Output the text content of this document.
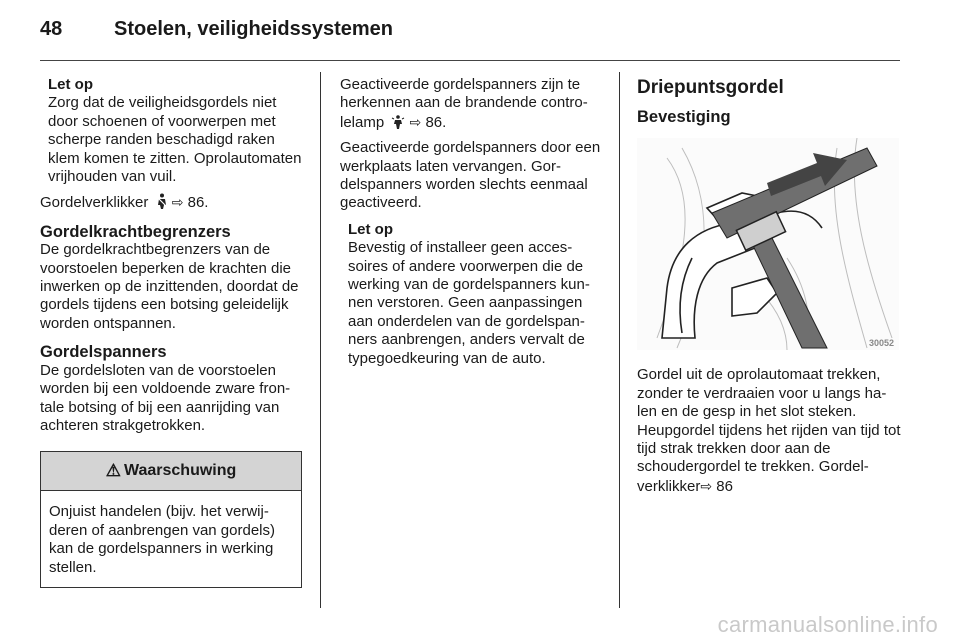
48	Stoelen, veiligheidssystemen

Let op

Zorg dat de veiligheidsgordels niet door schoenen of voorwerpen met scherpe randen beschadigd raken klem komen te zitten. Oprolautomaten vrijhouden van vuil.

Gordelverklikker ⇨ 86.

Gordelkrachtbegrenzers

De gordelkrachtbegrenzers van de voorstoelen beperken de krachten die inwerken op de inzittenden, doordat de gordels tijdens een botsing geleidelijk worden ontspannen.

Gordelspanners

De gordelsloten van de voorstoelen worden bij een voldoende zware frontale botsing of bij een aanrijding van achteren strakgetrokken.

⚠ Waarschuwing
Onjuist handelen (bijv. het verwijderen of aanbrengen van gordels) kan de gordelspanners in werking stellen.

Geactiveerde gordelspanners zijn te herkennen aan de brandende controlelamp ⇨ 86.

Geactiveerde gordelspanners door een werkplaats laten vervangen. Gordelspanners worden slechts eenmaal geactiveerd.

Let op

Bevestig of installeer geen accessoires of andere voorwerpen die de werking van de gordelspanners kunnen verstoren. Geen aanpassingen aan onderdelen van de gordelspanners aanbrengen, anders vervalt de typegoedkeuring van de auto.

Driepuntsgordel

Bevestiging

30052

Gordel uit de oprolautomaat trekken, zonder te verdraaien voor u langs halen en de gesp in het slot steken. Heupgordel tijdens het rijden van tijd tot tijd strak trekken door aan de schoudergordel te trekken. Gordelverklikker⇨ 86

carmanualsonline.info
